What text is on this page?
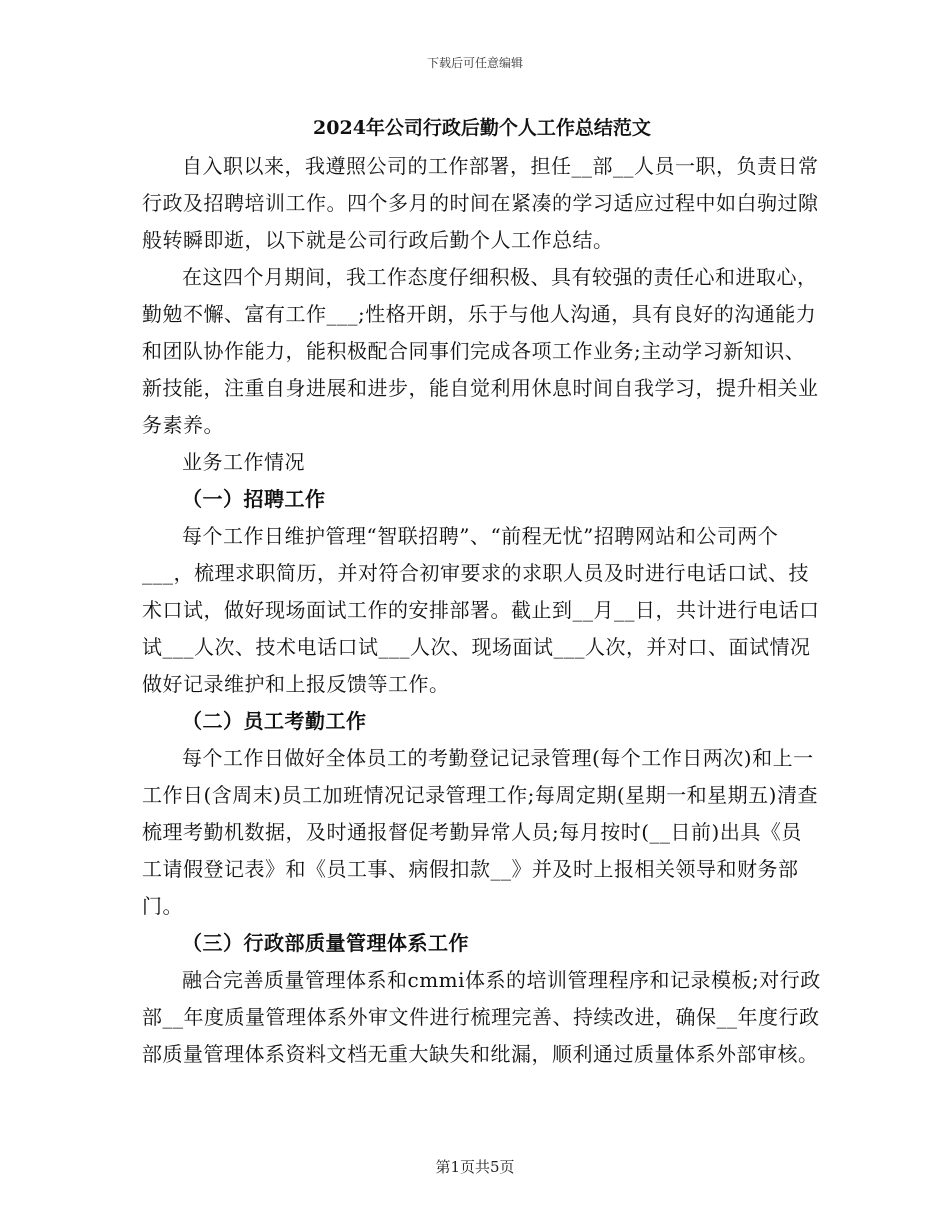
下载后可任意编辑
2024年公司行政后勤个人工作总结范文

自入职以来，我遵照公司的工作部署，担任__部__人员一职，负责日常行政及招聘培训工作。四个多月的时间在紧凑的学习适应过程中如白驹过隙般转瞬即逝，以下就是公司行政后勤个人工作总结。

在这四个月期间，我工作态度仔细积极、具有较强的责任心和进取心，勤勉不懈、富有工作___;性格开朗，乐于与他人沟通，具有良好的沟通能力和团队协作能力，能积极配合同事们完成各项工作业务;主动学习新知识、新技能，注重自身进展和进步，能自觉利用休息时间自我学习，提升相关业务素养。

业务工作情况

（一）招聘工作

每个工作日维护管理“智联招聘”、“前程无忧”招聘网站和公司两个___，梳理求职简历，并对符合初审要求的求职人员及时进行电话口试、技术口试，做好现场面试工作的安排部署。截止到__月__日，共计进行电话口试___人次、技术电话口试___人次、现场面试___人次，并对口、面试情况做好记录维护和上报反馈等工作。

（二）员工考勤工作

每个工作日做好全体员工的考勤登记记录管理(每个工作日两次)和上一工作日(含周末)员工加班情况记录管理工作;每周定期(星期一和星期五)清查梳理考勤机数据，及时通报督促考勤异常人员;每月按时(__日前)出具《员工请假登记表》和《员工事、病假扣款__》并及时上报相关领导和财务部门。

（三）行政部质量管理体系工作

融合完善质量管理体系和cmmi体系的培训管理程序和记录模板;对行政部__年度质量管理体系外审文件进行梳理完善、持续改进，确保__年度行政部质量管理体系资料文档无重大缺失和纰漏，顺利通过质量体系外部审核。

第1页共5页
